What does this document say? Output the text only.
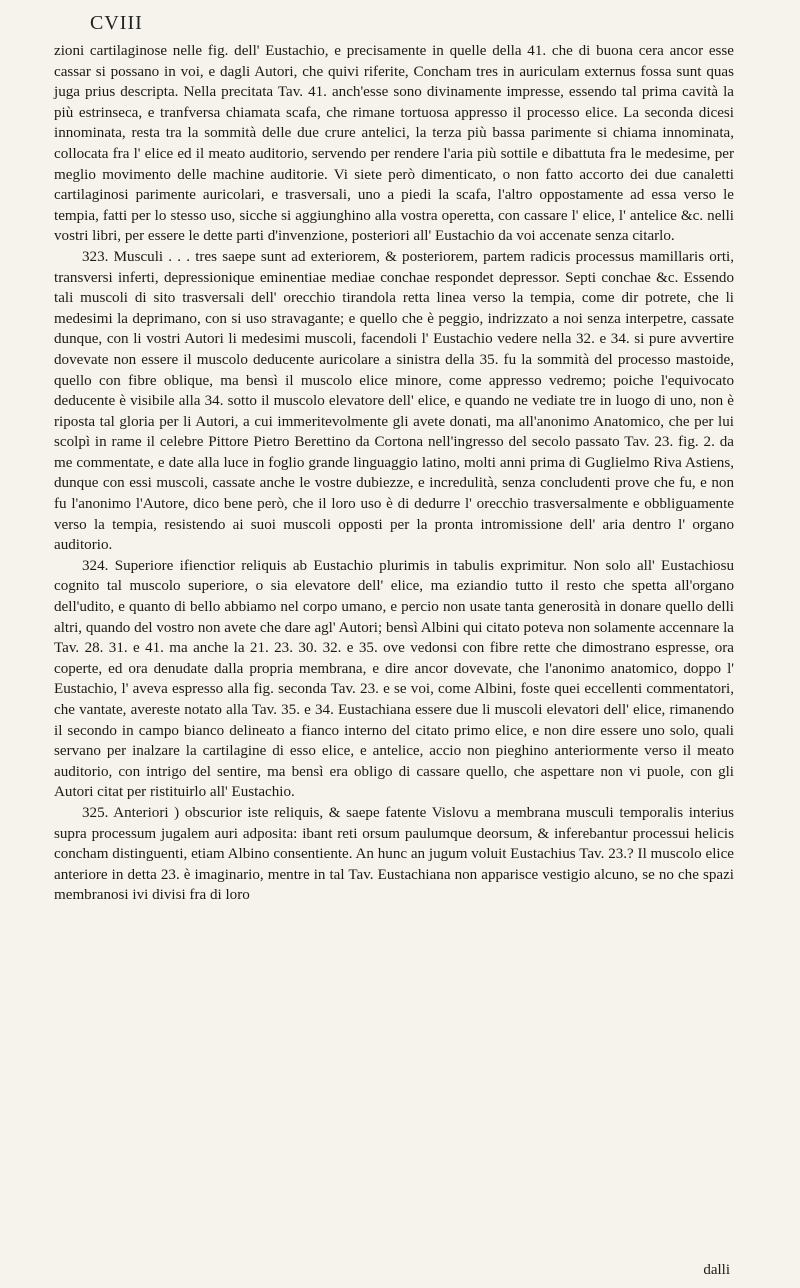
CVIII

zioni cartilaginose nelle fig. dell' Eustachio, e precisamente in quelle della 41. che di buona cera ancor esse cassar si possano in voi, e dagli Autori, che quivi riferite, Concham tres in auriculam externus fossa sunt quas juga prius descripta. Nella precitata Tav. 41. anch'esse sono divinamente impresse, essendo tal prima cavità la più estrinseca, e tranfversa chiamata scafa, che rimane tortuosa appresso il processo elice. La seconda dicesi innominata, resta tra la sommità delle due crure antelici, la terza più bassa parimente si chiama innominata, collocata fra l' elice ed il meato auditorio, servendo per rendere l'aria più sottile e dibattuta fra le medesime, per meglio movimento delle machine auditorie. Vi siete però dimenticato, o non fatto accorto dei due canaletti cartilaginosi parimente auricolari, e trasversali, uno a piedi la scafa, l'altro oppostamente ad essa verso le tempia, fatti per lo stesso uso, sicche si aggiunghino alla vostra operetta, con cassare l' elice, l' antelice &c. nelli vostri libri, per essere le dette parti d'invenzione, posteriori all' Eustachio da voi accenate senza citarlo.

323. Musculi . . . tres saepe sunt ad exteriorem, & posteriorem, partem radicis processus mamillaris orti, transversi inferti, depressionique eminentiae mediae conchae respondet depressor. Septi conchae &c. Essendo tali muscoli di sito trasversali dell' orecchio tirandola retta linea verso la tempia, come dir potrete, che li medesimi la deprimano, con si uso stravagante; e quello che è peggio, indrizzato a noi senza interpetre, cassate dunque, con li vostri Autori li medesimi muscoli, facendoli l' Eustachio vedere nella 32. e 34. si pure avvertire dovevate non essere il muscolo deducente auricolare a sinistra della 35. fu la sommità del processo mastoide, quello con fibre oblique, ma bensì il muscolo elice minore, come appresso vedremo; poiche l'equivocato deducente è visibile alla 34. sotto il muscolo elevatore dell' elice, e quando ne vediate tre in luogo di uno, non è riposta tal gloria per li Autori, a cui immeritevolmente gli avete donati, ma all'anonimo Anatomico, che per lui scolpì in rame il celebre Pittore Pietro Berettino da Cortona nell'ingresso del secolo passato Tav. 23. fig. 2. da me commentate, e date alla luce in foglio grande linguaggio latino, molti anni prima di Guglielmo Riva Astiens, dunque con essi muscoli, cassate anche le vostre dubiezze, e incredulità, senza concludenti prove che fu, e non fu l'anonimo l'Autore, dico bene però, che il loro uso è di dedurre l' orecchio trasversalmente e obbliguamente verso la tempia, resistendo ai suoi muscoli opposti per la pronta intromissione dell' aria dentro l' organo auditorio.

324. Superiore ifienctior reliquis ab Eustachio plurimis in tabulis exprimitur. Non solo all' Eustachiosu cognito tal muscolo superiore, o sia elevatore dell' elice, ma eziandio tutto il resto che spetta all'organo dell'udito, e quanto di bello abbiamo nel corpo umano, e percio non usate tanta generosità in donare quello delli altri, quando del vostro non avete che dare agl' Autori; bensì Albini qui citato poteva non solamente accennare la Tav. 28. 31. e 41. ma anche la 21. 23. 30. 32. e 35. ove vedonsi con fibre rette che dimostrano espresse, ora coperte, ed ora denudate dalla propria membrana, e dire ancor dovevate, che l'anonimo anatomico, doppo l' Eustachio, l' aveva espresso alla fig. seconda Tav. 23. e se voi, come Albini, foste quei eccellenti commentatori, che vantate, avereste notato alla Tav. 35. e 34. Eustachiana essere due li muscoli elevatori dell' elice, rimanendo il secondo in campo bianco delineato a fianco interno del citato primo elice, e non dire essere uno solo, quali servano per inalzare la cartilagine di esso elice, e antelice, accio non pieghino anteriormente verso il meato auditorio, con intrigo del sentire, ma bensì era obligo di cassare quello, che aspettare non vi puole, con gli Autori citat per ristituirlo all' Eustachio.

325. Anteriori ) obscurior iste reliquis, & saepe fatente Vislovu a membrana musculi temporalis interius supra processum jugalem auri adposita: ibant reti orsum paulumque deorsum, & inferebantur processui helicis concham distinguenti, etiam Albino consentiente. An hunc an jugum voluit Eustachius Tav. 23.? Il muscolo elice anteriore in detta 23. è imaginario, mentre in tal Tav. Eustachiana non apparisce vestigio alcuno, se no che spazi membranosi ivi divisi fra di loro

dalli
